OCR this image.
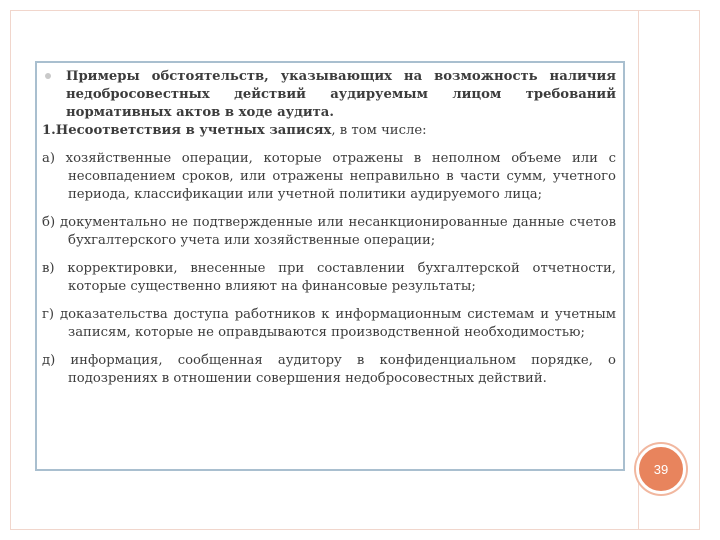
Примеры обстоятельств, указывающих на возможность наличия недобросовестных действий аудируемым лицом требований нормативных актов в ходе аудита.
1.Несоответствия в учетных записях, в том числе:
а) хозяйственные операции, которые отражены в неполном объеме или с несовпадением сроков, или отражены неправильно в части сумм, учетного периода, классификации или учетной политики аудируемого лица;
б) документально не подтвержденные или несанкционированные данные счетов бухгалтерского учета или хозяйственные операции;
в) корректировки, внесенные при составлении бухгалтерской отчетности, которые существенно влияют на финансовые результаты;
г) доказательства доступа работников к информационным системам и учетным записям, которые не оправдываются производственной необходимостью;
д) информация, сообщенная аудитору в конфиденциальном порядке, о подозрениях в отношении совершения недобросовестных действий.
39
